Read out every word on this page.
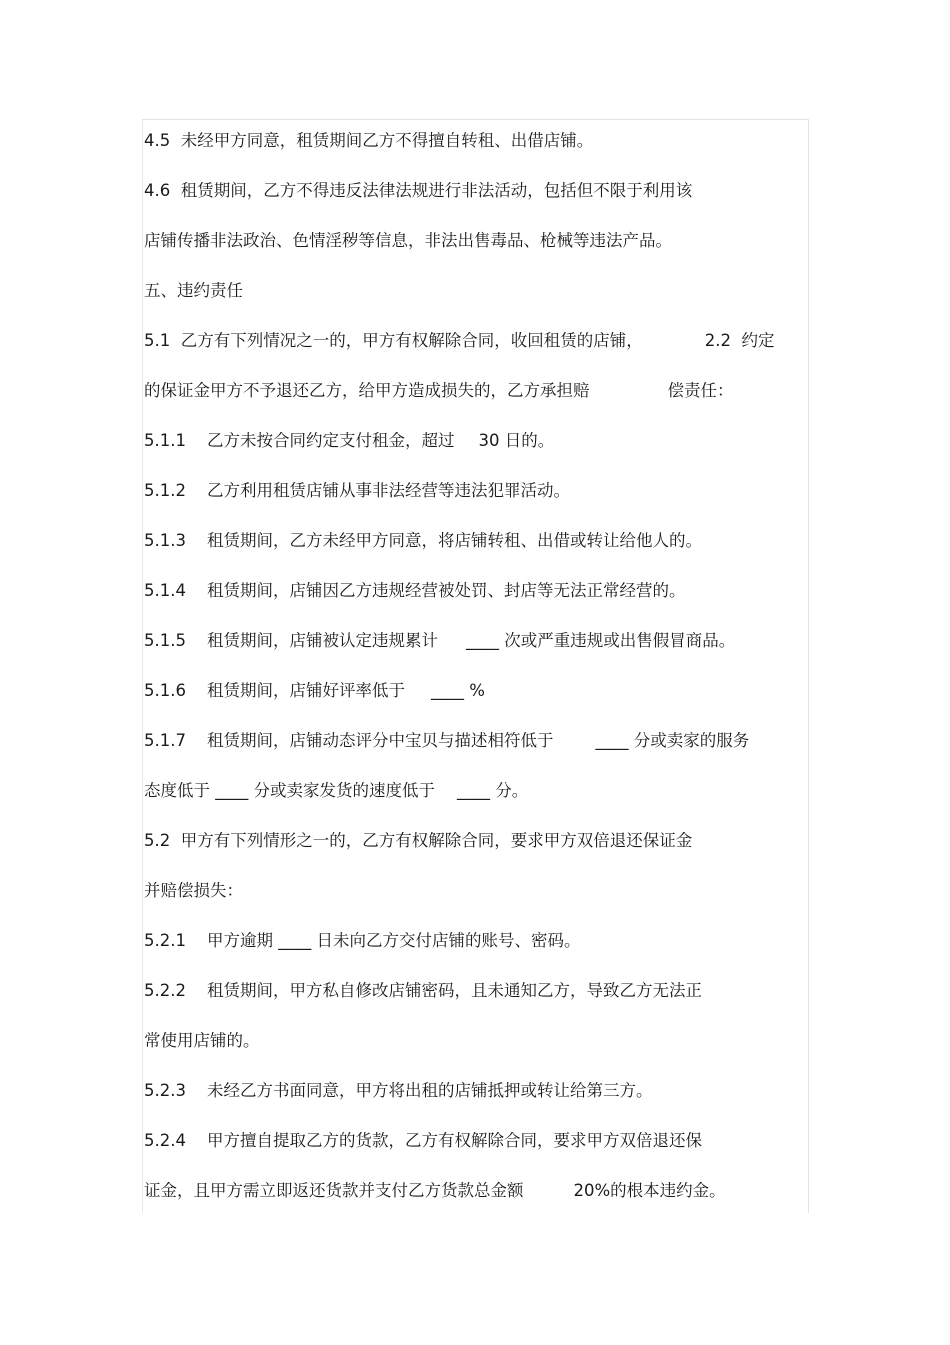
4.5  未经甲方同意，租赁期间乙方不得擅自转租、出借店铺。
4.6  租赁期间，乙方不得违反法律法规进行非法活动，包括但不限于利用该
店铺传播非法政治、色情淫秽等信息，非法出售毒品、枪械等违法产品。
五、违约责任
5.1  乙方有下列情况之一的，甲方有权解除合同，收回租赁的店铺，	2.2  约定
的保证金甲方不予退还乙方，给甲方造成损失的，乙方承担赔	偿责任：
5.1.1    乙方未按合同约定支付租金，超过 30 日的。
5.1.2    乙方利用租赁店铺从事非法经营等违法犯罪活动。
5.1.3    租赁期间，乙方未经甲方同意，将店铺转租、出借或转让给他人的。
5.1.4    租赁期间，店铺因乙方违规经营被处罚、封店等无法正常经营的。
5.1.5    租赁期间，店铺被认定违规累计 ____ 次或严重违规或出售假冒商品。
5.1.6    租赁期间，店铺好评率低于 ____ %
5.1.7    租赁期间，店铺动态评分中宝贝与描述相符低于	____ 分或卖家的服务
态度低于 ____ 分或卖家发货的速度低于 ____ 分。
5.2  甲方有下列情形之一的，乙方有权解除合同，要求甲方双倍退还保证金
并赔偿损失：
5.2.1    甲方逾期 ____ 日未向乙方交付店铺的账号、密码。
5.2.2    租赁期间，甲方私自修改店铺密码，且未通知乙方，导致乙方无法正
常使用店铺的。
5.2.3    未经乙方书面同意，甲方将出租的店铺抵押或转让给第三方。
5.2.4    甲方擅自提取乙方的货款，乙方有权解除合同，要求甲方双倍退还保
证金，且甲方需立即返还货款并支付乙方货款总金额	20%的根本违约金。
